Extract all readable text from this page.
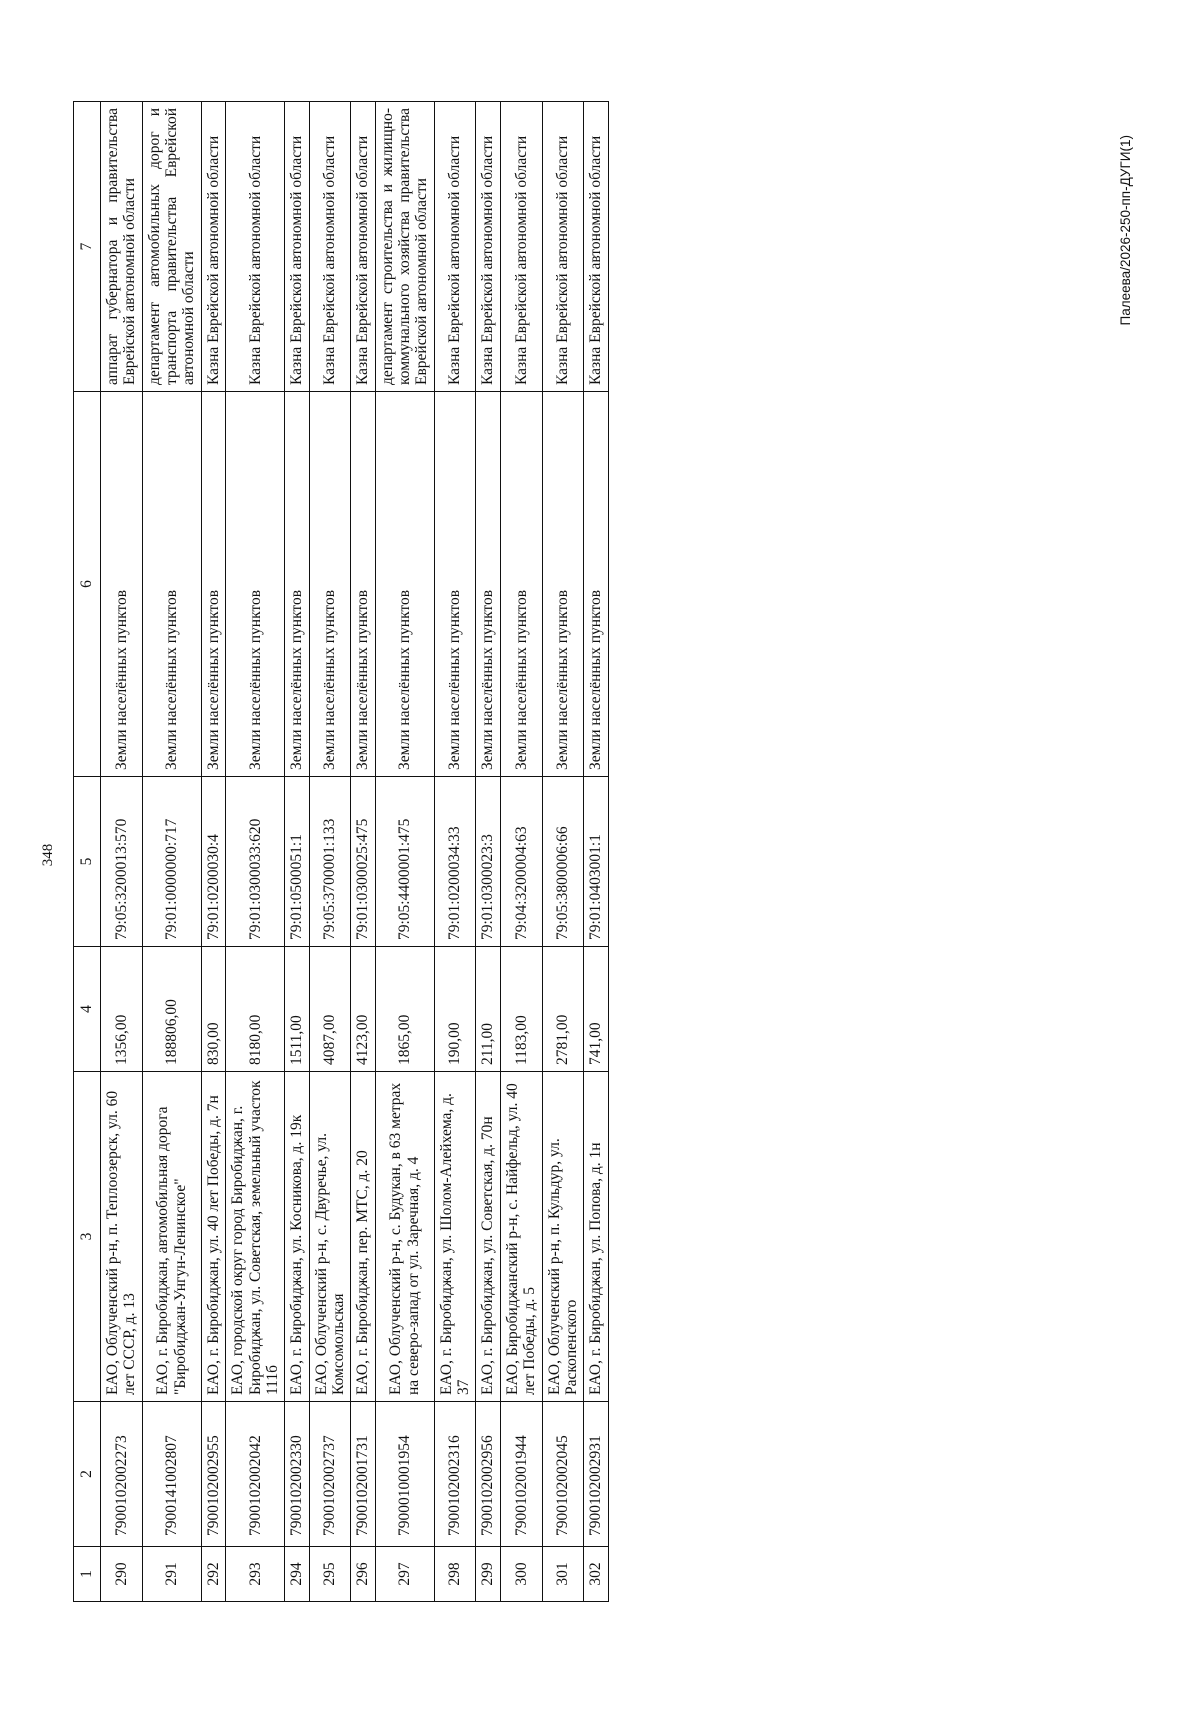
348
1	2	3	4	5	6	7
290	7900102002273	ЕАО, Облученский р-н, п. Теплоозерск, ул. 60 лет СССР, д. 13	1356,00	79:05:3200013:570	Земли населённых пунктов	аппарат губернатора и правительства Еврейской автономной области
291	7900141002807	ЕАО, г. Биробиджан, автомобильная дорога "Биробиджан-Унгун-Ленинское"	188806,00	79:01:0000000:717	Земли населённых пунктов	департамент автомобильных дорог и транспорта правительства Еврейской автономной области
292	7900102002955	ЕАО, г. Биробиджан, ул. 40 лет Победы, д. 7н	830,00	79:01:0200030:4	Земли населённых пунктов	Казна Еврейской автономной области
293	7900102002042	ЕАО, городской округ город Биробиджан, г. Биробиджан, ул. Советская, земельный участок 111б	8180,00	79:01:0300033:620	Земли населённых пунктов	Казна Еврейской автономной области
294	7900102002330	ЕАО, г. Биробиджан, ул. Косникова, д. 19к	1511,00	79:01:0500051:1	Земли населённых пунктов	Казна Еврейской автономной области
295	7900102002737	ЕАО, Облученский р-н, с. Двуречье, ул. Комсомольская	4087,00	79:05:3700001:133	Земли населённых пунктов	Казна Еврейской автономной области
296	7900102001731	ЕАО, г. Биробиджан, пер. МТС, д. 20	4123,00	79:01:0300025:475	Земли населённых пунктов	Казна Еврейской автономной области
297	7900010001954	ЕАО, Облученский р-н, с. Будукан, в 63 метрах на северо-запад от ул. Заречная, д. 4	1865,00	79:05:4400001:475	Земли населённых пунктов	департамент строительства и жилищно-коммунального хозяйства правительства Еврейской автономной области
298	7900102002316	ЕАО, г. Биробиджан, ул. Шолом-Алейхема, д. 37	190,00	79:01:0200034:33	Земли населённых пунктов	Казна Еврейской автономной области
299	7900102002956	ЕАО, г. Биробиджан, ул. Советская, д. 70н	211,00	79:01:0300023:3	Земли населённых пунктов	Казна Еврейской автономной области
300	7900102001944	ЕАО, Биробиджанский р-н, с. Найфельд, ул. 40 лет Победы, д. 5	1183,00	79:04:3200004:63	Земли населённых пунктов	Казна Еврейской автономной области
301	7900102002045	ЕАО, Облученский р-н, п. Кульдур, ул. Раскопенского	2781,00	79:05:3800006:66	Земли населённых пунктов	Казна Еврейской автономной области
302	7900102002931	ЕАО, г. Биробиджан, ул. Попова, д. 1н	741,00	79:01:0403001:1	Земли населённых пунктов	Казна Еврейской автономной области	Палеева/2026-250-пп-ДУГИ(1)
